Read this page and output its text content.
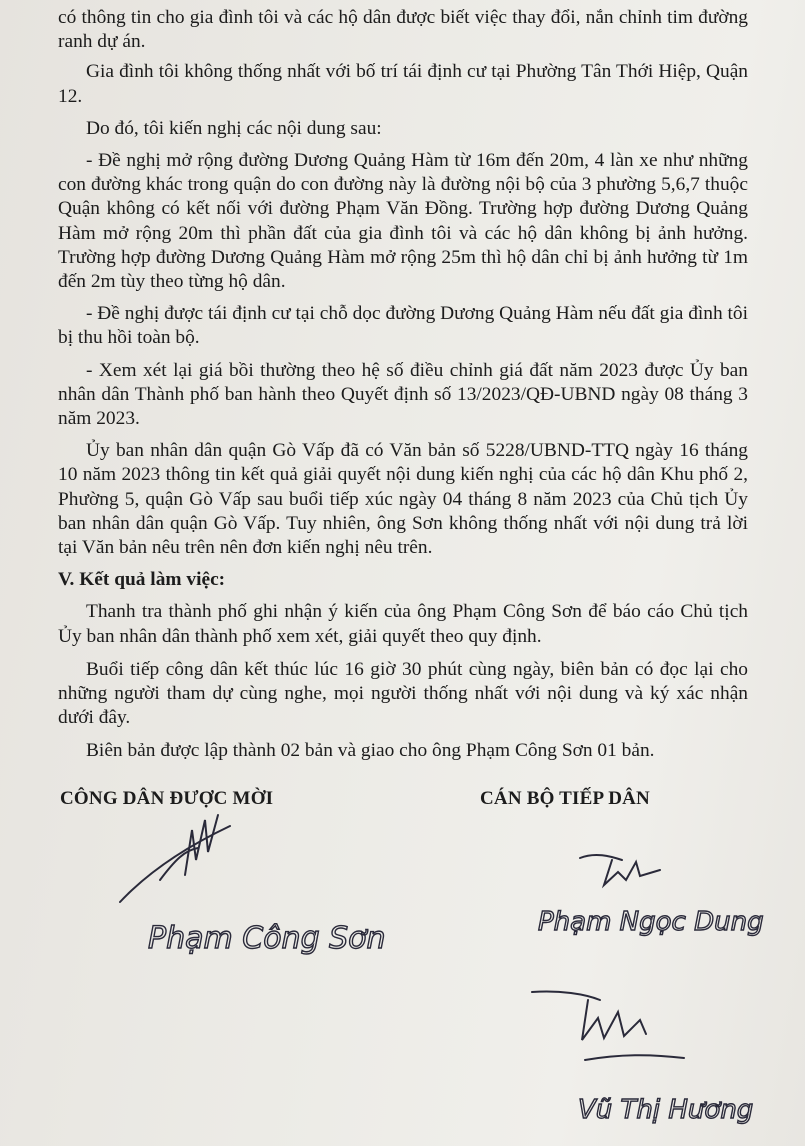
có thông tin cho gia đình tôi và các hộ dân được biết việc thay đổi, nắn chỉnh tim đường ranh dự án.

Gia đình tôi không thống nhất với bố trí tái định cư tại Phường Tân Thới Hiệp, Quận 12.

Do đó, tôi kiến nghị các nội dung sau:

- Đề nghị mở rộng đường Dương Quảng Hàm từ 16m đến 20m, 4 làn xe như những con đường khác trong quận do con đường này là đường nội bộ của 3 phường 5,6,7 thuộc Quận không có kết nối với đường Phạm Văn Đồng. Trường hợp đường Dương Quảng Hàm mở rộng 20m thì phần đất của gia đình tôi và các hộ dân không bị ảnh hưởng. Trường hợp đường Dương Quảng Hàm mở rộng 25m thì hộ dân chỉ bị ảnh hưởng từ 1m đến 2m tùy theo từng hộ dân.

- Đề nghị được tái định cư tại chỗ dọc đường Dương Quảng Hàm nếu đất gia đình tôi bị thu hồi toàn bộ.

- Xem xét lại giá bồi thường theo hệ số điều chỉnh giá đất năm 2023 được Ủy ban nhân dân Thành phố ban hành theo Quyết định số 13/2023/QĐ-UBND ngày 08 tháng 3 năm 2023.

Ủy ban nhân dân quận Gò Vấp đã có Văn bản số 5228/UBND-TTQ ngày 16 tháng 10 năm 2023 thông tin kết quả giải quyết nội dung kiến nghị của các hộ dân Khu phố 2, Phường 5, quận Gò Vấp sau buổi tiếp xúc ngày 04 tháng 8 năm 2023 của Chủ tịch Ủy ban nhân dân quận Gò Vấp. Tuy nhiên, ông Sơn không thống nhất với nội dung trả lời tại Văn bản nêu trên nên đơn kiến nghị nêu trên.

V. Kết quả làm việc:

Thanh tra thành phố ghi nhận ý kiến của ông Phạm Công Sơn để báo cáo Chủ tịch Ủy ban nhân dân thành phố xem xét, giải quyết theo quy định.

Buổi tiếp công dân kết thúc lúc 16 giờ 30 phút cùng ngày, biên bản có đọc lại cho những người tham dự cùng nghe, mọi người thống nhất với nội dung và ký xác nhận dưới đây.

Biên bản được lập thành 02 bản và giao cho ông Phạm Công Sơn 01 bản.

CÔNG DÂN ĐƯỢC MỜI	CÁN BỘ TIẾP DÂN
Phạm Công Sơn	Phạm Ngọc Dung
Vũ Thị Hương
